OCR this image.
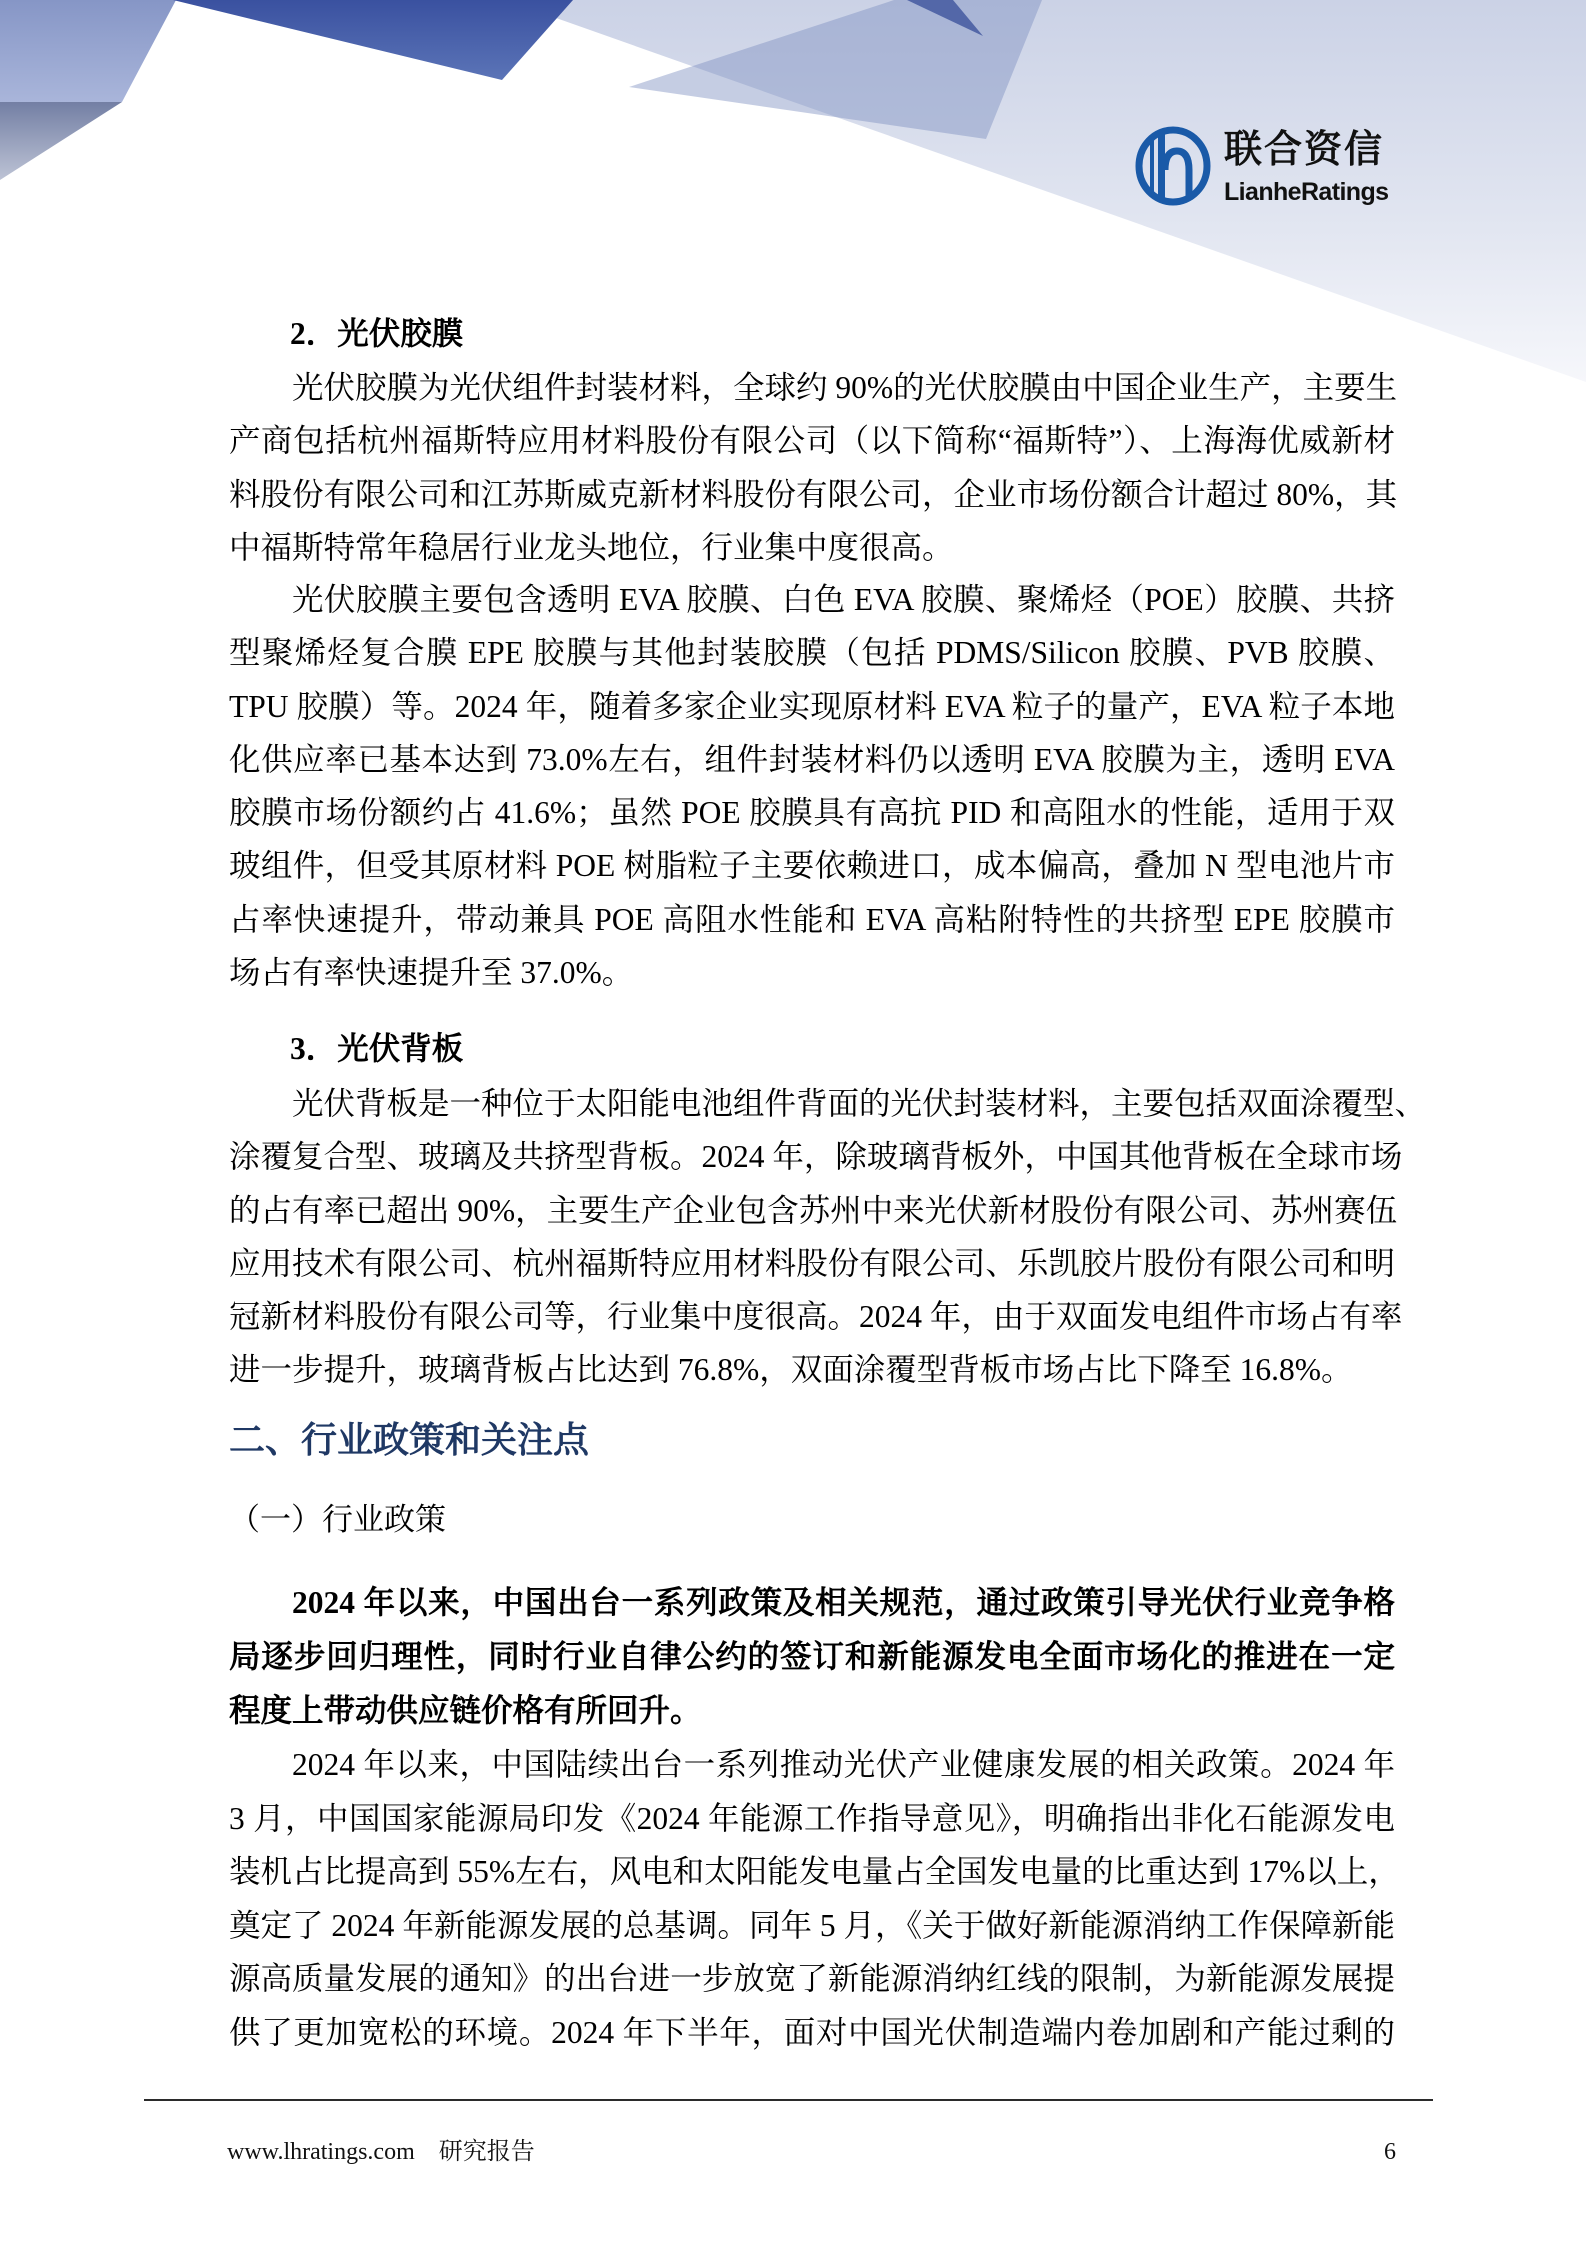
联合资信
LianheRatings
2．光伏胶膜
光伏胶膜为光伏组件封装材料，全球约 90%的光伏胶膜由中国企业生产，主要生
产商包括杭州福斯特应用材料股份有限公司（以下简称“福斯特”）、上海海优威新材
料股份有限公司和江苏斯威克新材料股份有限公司，企业市场份额合计超过 80%，其
中福斯特常年稳居行业龙头地位，行业集中度很高。
光伏胶膜主要包含透明 EVA 胶膜、白色 EVA 胶膜、聚烯烃（POE）胶膜、共挤
型聚烯烃复合膜 EPE 胶膜与其他封装胶膜（包括 PDMS/Silicon 胶膜、PVB 胶膜、
TPU 胶膜）等。2024 年，随着多家企业实现原材料 EVA 粒子的量产，EVA 粒子本地
化供应率已基本达到 73.0%左右，组件封装材料仍以透明 EVA 胶膜为主，透明 EVA
胶膜市场份额约占 41.6%；虽然 POE 胶膜具有高抗 PID 和高阻水的性能，适用于双
玻组件，但受其原材料 POE 树脂粒子主要依赖进口，成本偏高，叠加 N 型电池片市
占率快速提升，带动兼具 POE 高阻水性能和 EVA 高粘附特性的共挤型 EPE 胶膜市
场占有率快速提升至 37.0%。
3．光伏背板
光伏背板是一种位于太阳能电池组件背面的光伏封装材料，主要包括双面涂覆型、
涂覆复合型、玻璃及共挤型背板。2024 年，除玻璃背板外，中国其他背板在全球市场
的占有率已超出 90%，主要生产企业包含苏州中来光伏新材股份有限公司、苏州赛伍
应用技术有限公司、杭州福斯特应用材料股份有限公司、乐凯胶片股份有限公司和明
冠新材料股份有限公司等，行业集中度很高。2024 年，由于双面发电组件市场占有率
进一步提升，玻璃背板占比达到 76.8%，双面涂覆型背板市场占比下降至 16.8%。
二、行业政策和关注点
（一）行业政策
2024 年以来，中国出台一系列政策及相关规范，通过政策引导光伏行业竞争格
局逐步回归理性，同时行业自律公约的签订和新能源发电全面市场化的推进在一定
程度上带动供应链价格有所回升。
2024 年以来，中国陆续出台一系列推动光伏产业健康发展的相关政策。2024 年
3 月，中国国家能源局印发《2024 年能源工作指导意见》，明确指出非化石能源发电
装机占比提高到 55%左右，风电和太阳能发电量占全国发电量的比重达到 17%以上，
奠定了 2024 年新能源发展的总基调。同年 5 月，《关于做好新能源消纳工作保障新能
源高质量发展的通知》的出台进一步放宽了新能源消纳红线的限制，为新能源发展提
供了更加宽松的环境。2024 年下半年，面对中国光伏制造端内卷加剧和产能过剩的
www.lhratings.com 研究报告	6
